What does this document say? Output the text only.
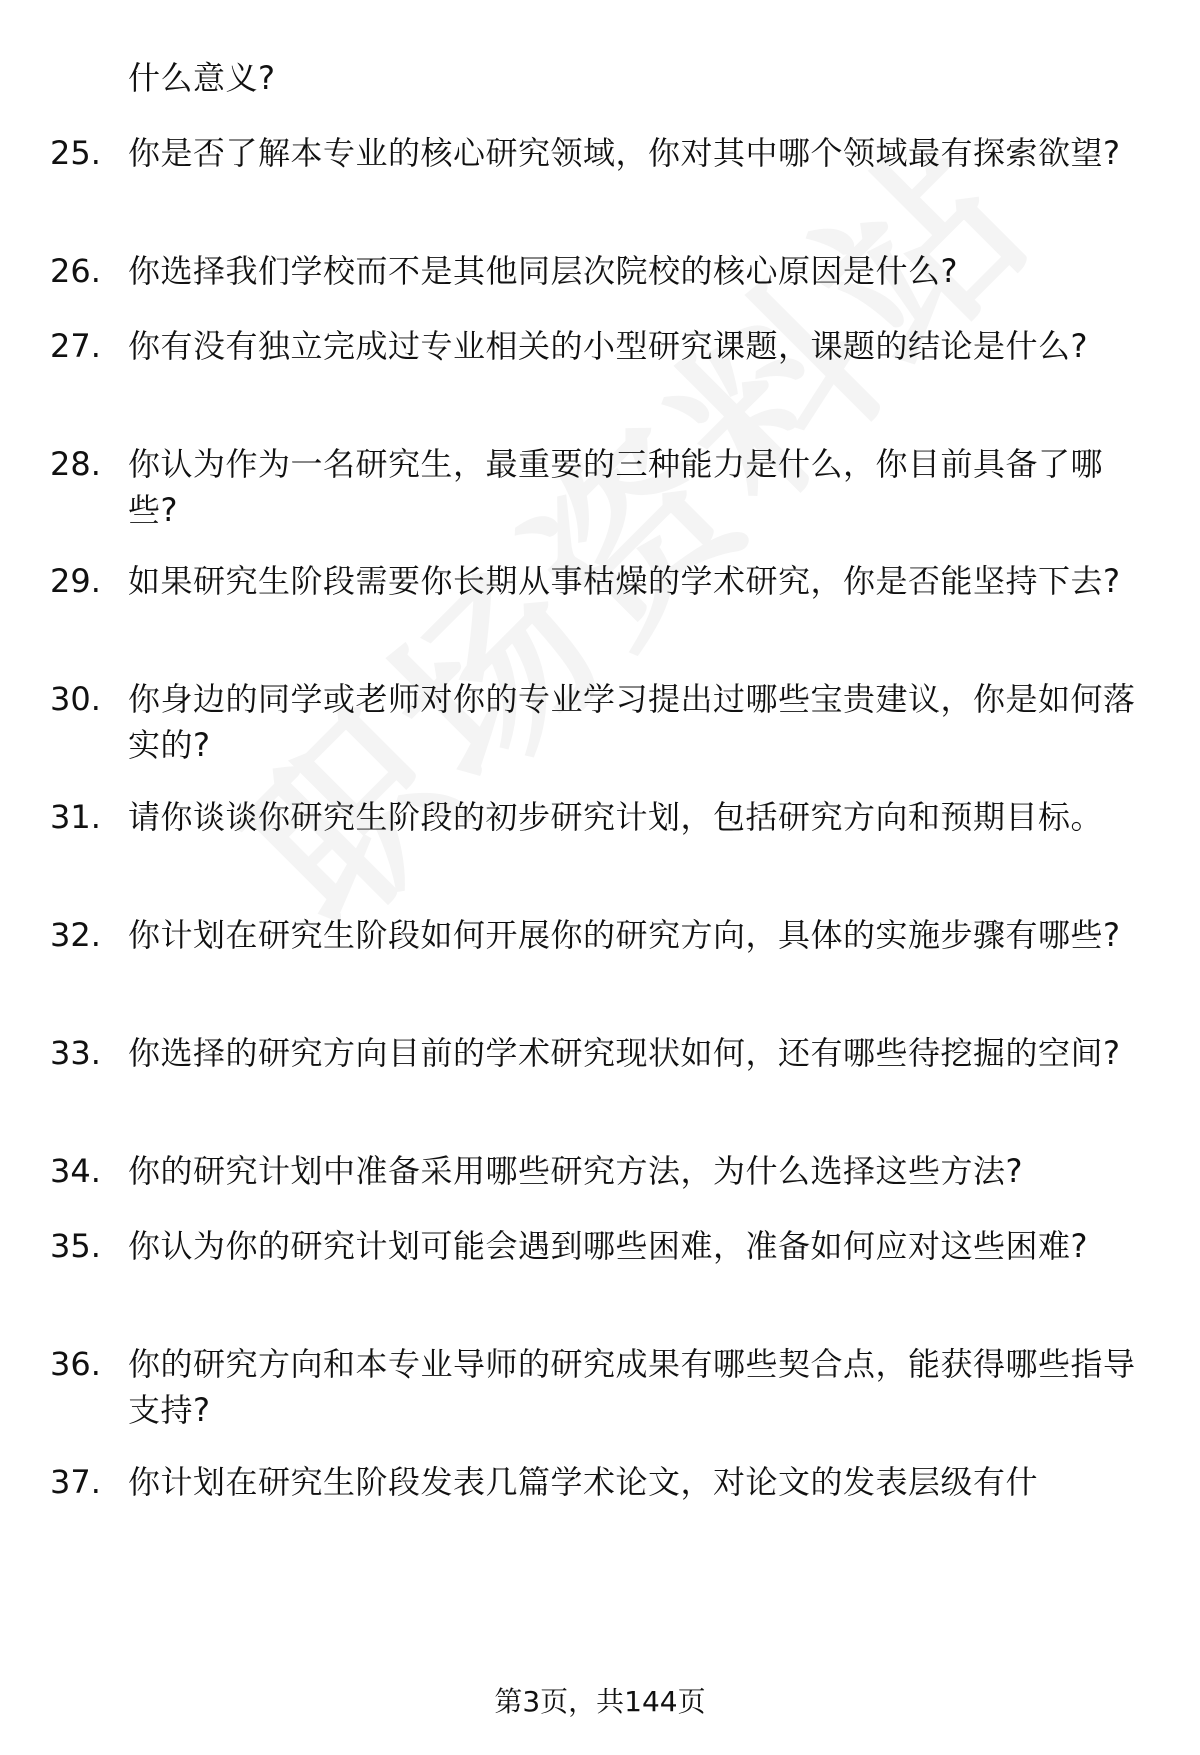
什么意义?
25. 你是否了解本专业的核心研究领域，你对其中哪个领域最有探索欲望?
26. 你选择我们学校而不是其他同层次院校的核心原因是什么?
27. 你有没有独立完成过专业相关的小型研究课题，课题的结论是什么?
28. 你认为作为一名研究生，最重要的三种能力是什么，你目前具备了哪些?
29. 如果研究生阶段需要你长期从事枯燥的学术研究，你是否能坚持下去?
30. 你身边的同学或老师对你的专业学习提出过哪些宝贵建议，你是如何落实的?
31. 请你谈谈你研究生阶段的初步研究计划，包括研究方向和预期目标。
32. 你计划在研究生阶段如何开展你的研究方向，具体的实施步骤有哪些?
33. 你选择的研究方向目前的学术研究现状如何，还有哪些待挖掘的空间?
34. 你的研究计划中准备采用哪些研究方法，为什么选择这些方法?
35. 你认为你的研究计划可能会遇到哪些困难，准备如何应对这些困难?
36. 你的研究方向和本专业导师的研究成果有哪些契合点，能获得哪些指导支持?
37. 你计划在研究生阶段发表几篇学术论文，对论文的发表层级有什
第3页，共144页
